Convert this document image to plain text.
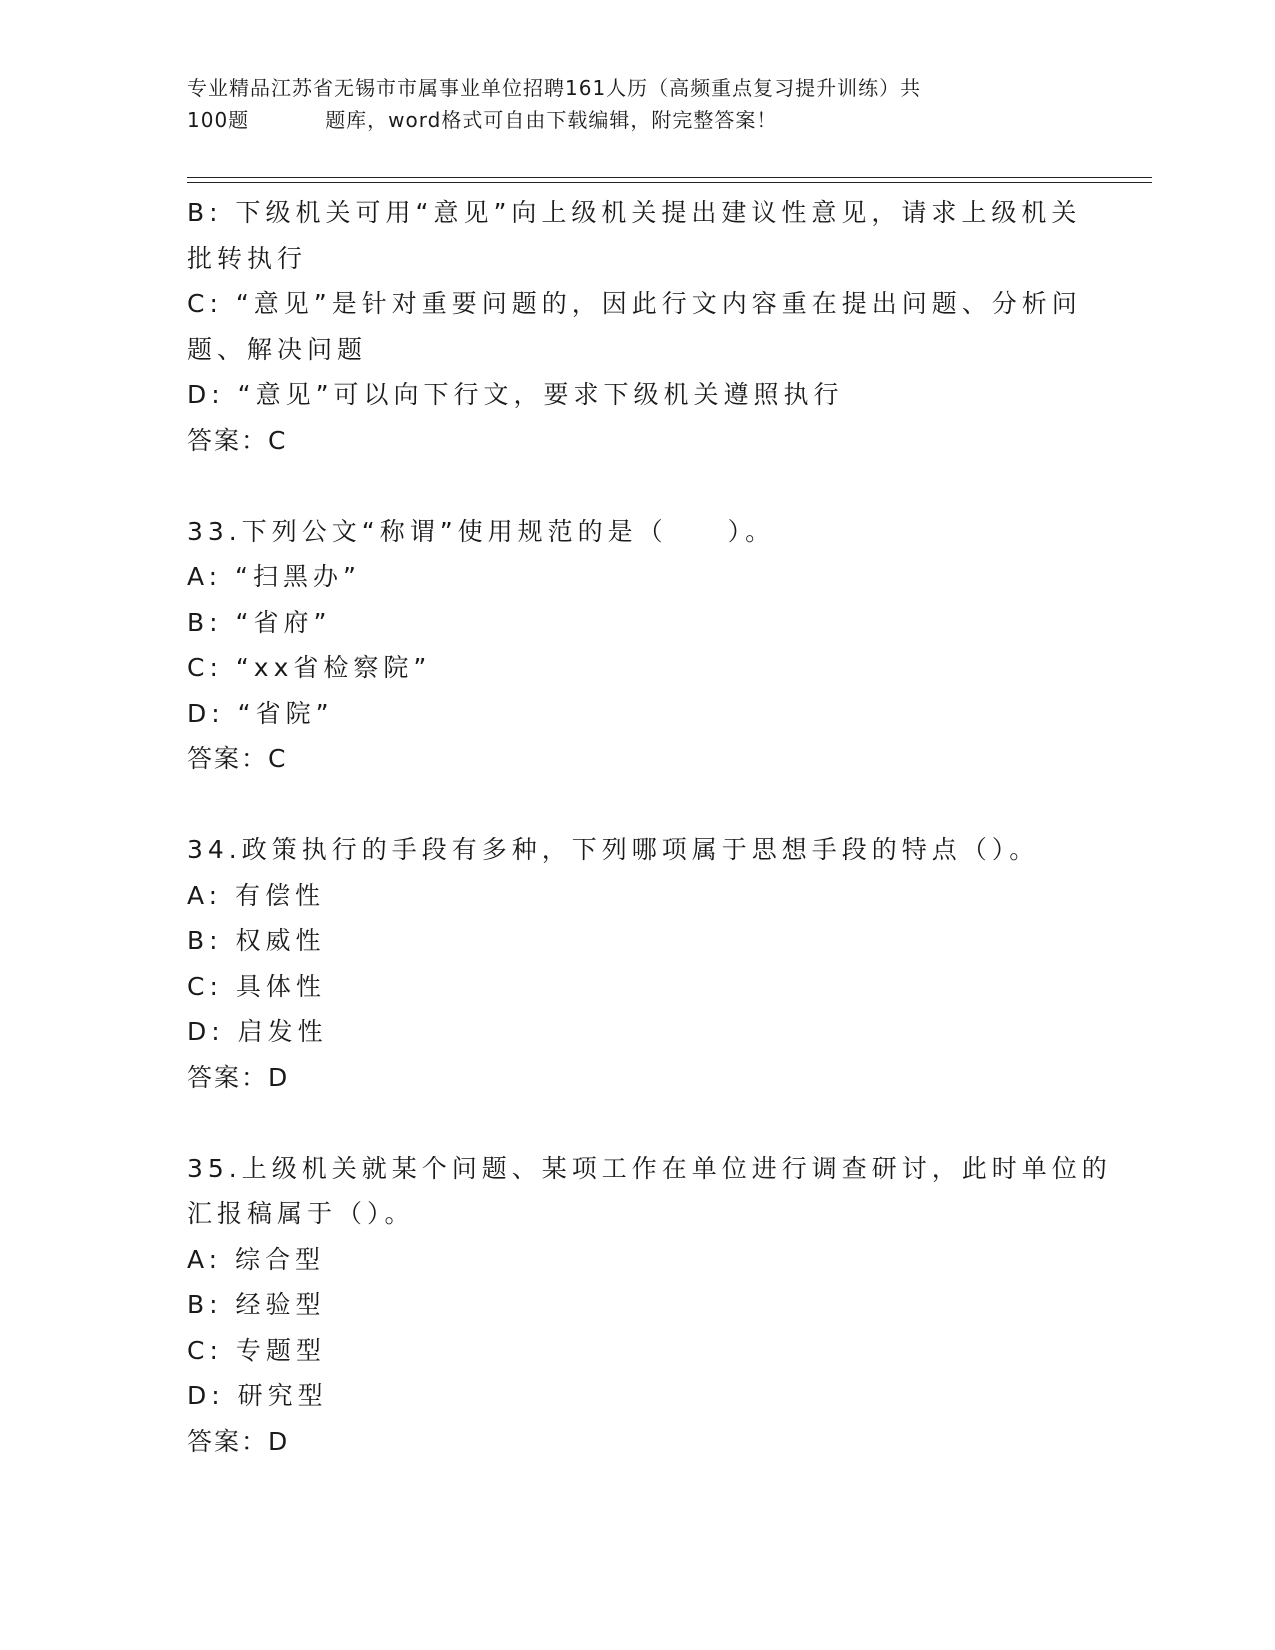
专业精品江苏省无锡市市属事业单位招聘161人历（高频重点复习提升训练）共
100题	题库，word格式可自由下载编辑，附完整答案！
B: 下级机关可用“意见”向上级机关提出建议性意见，请求上级机关
批转执行
C: “意见”是针对重要问题的，因此行文内容重在提出问题、分析问
题、解决问题
D: “意见”可以向下行文，要求下级机关遵照执行
答案：C
33.下列公文“称谓”使用规范的是（　　）。
A: “扫黑办”
B: “省府”
C: “xx省检察院”
D: “省院”
答案：C
34.政策执行的手段有多种，下列哪项属于思想手段的特点（）。
A: 有偿性
B: 权威性
C: 具体性
D: 启发性
答案：D
35.上级机关就某个问题、某项工作在单位进行调查研讨，此时单位的
汇报稿属于（）。
A: 综合型
B: 经验型
C: 专题型
D: 研究型
答案：D
